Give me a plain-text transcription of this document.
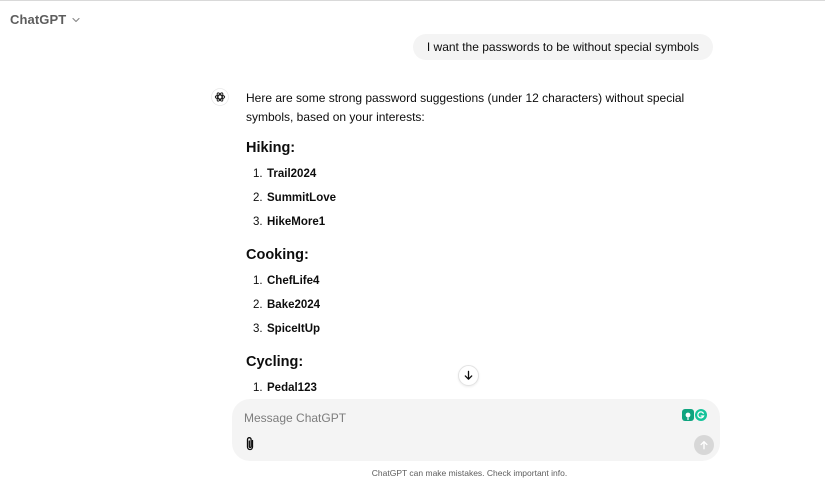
ChatGPT
I want the passwords to be without special symbols

Here are some strong password suggestions (under 12 characters) without special symbols, based on your interests:

Hiking:
1. Trail2024
2. SummitLove
3. HikeMore1
Cooking:
1. ChefLife4
2. Bake2024
3. SpiceItUp
Cycling:
1. Pedal123
Message ChatGPT
ChatGPT can make mistakes. Check important info.
